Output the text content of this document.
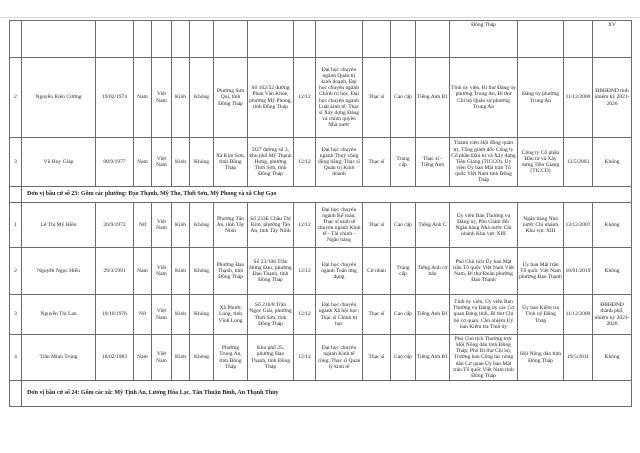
														Đồng Tháp			XV
2	Nguyễn Kiên Cường	19/02/1974	Nam	Việt Nam	Kinh	Không	Phường Sơn Qui, tỉnh Đồng Tháp	Số 162/32 đường Phan Văn Khỏe, phường Mỹ Phong, tỉnh Đồng Tháp	12/12	Đại học chuyên ngành Quản trị kinh doanh, Đại học chuyên ngành Chính trị học, Đại học chuyên ngành Luật kinh tế; Thạc sĩ Xây dựng Đảng và chính quyền Nhà nước	Thạc sĩ	Cao cấp	Tiếng Anh B1	Tỉnh ủy viên, Bí thư Đảng ủy phường Trung An, Bí thư Chi bộ Quân sự phường Trung An	Đảng ủy phường Trung An	11/12/2000	ĐBHĐND tỉnh nhiệm kỳ 2021-2026
3	Vũ Huy Giáp	08/9/1977	Nam	Việt Nam	Kinh	Không	Xã Kim Sơn, tỉnh Đồng Tháp	D27 đường số 3, khu phố Mỹ Thạnh Hưng, phường Thới Sơn, tỉnh Đồng Tháp	12/12	Đại học chuyên ngành Thuỷ công đồng bằng; Thạc sĩ Quản trị Kinh doanh	Thạc sĩ	Trung cấp	Thạc sĩ - Tiếng Anh	Thành viên Hội đồng quản trị, Tổng giám đốc Công ty Cổ phần Đầu tư và Xây dựng Tiền Giang (TICCO), Ủy viên Ủy ban Mặt trận Tổ quốc Việt Nam tỉnh Đồng Tháp	Công ty Cổ phần Đầu tư và Xây dựng Tiền Giang (TICCO)	13/5/2003	Không
	Đơn vị bầu cử số 23: Gồm các phường: Đạo Thạnh, Mỹ Tho, Thới Sơn, Mỹ Phong và xã Chợ Gạo																
1	Lê Thị Mỹ Hiền	26/9/1972	Nữ	Việt Nam	Kinh	Không	Phường Tân An, tỉnh Tây Ninh	Số 233E Châu Thị Kim, phường Tân An, tỉnh Tây Ninh	12/12	Đại học chuyên ngành Kế toán; Thạc sĩ kinh tế chuyên ngành Kinh tế - Tài chính - Ngân hàng	Thạc sĩ	Cao cấp	Tiếng Anh C	Ủy viên Ban Thường vụ Đảng ủy, Phó Giám đốc Ngân hàng Nhà nước Chi nhánh Khu vực XIII	Ngân hàng Nhà nước Chi nhánh Khu vực XIII	13/12/2007	Không
2	Nguyễn Ngọc Hiếu	29/3/1991	Nam	Việt Nam	Kinh	Không	Phường Đạo Thạnh, tỉnh Đồng Tháp	Số 23/106 Trần Hưng Đạo, phường Đạo Thạnh, tỉnh Đồng Tháp	12/12	Đại học chuyên ngành Toán ứng dụng	Cử nhân	Trung cấp	Tiếng Anh cơ bản	Phó Chủ tịch Ủy ban Mặt trận Tổ quốc Việt Nam Việt Nam, Bí thư Đoàn phường Đạo Thạnh	Ủy ban Mặt trận Tổ quốc Việt Nam phường Đạo Thạnh	10/01/2019	Không
3	Nguyễn Thị Lan	10/10/1976	Nữ	Việt Nam	Kinh	Không	Xã Phước Long, tỉnh Vĩnh Long	Số 216/8 Trần Ngọc Giải, phường Thới Sơn, tỉnh Đồng Tháp	12/12	Đại học chuyên ngành Xã hội học; Thạc sĩ Chính trị học	Thạc sĩ	Cao cấp	Tiếng Anh B1	Tỉnh ủy viên, Ủy viên Ban Thường vụ Đảng ủy các Cơ quan Đảng tỉnh, Bí thư Chi bộ cơ quan, Chủ nhiệm Uỷ ban Kiểm tra Tỉnh ủy	Ủy ban Kiểm tra Tỉnh uỷ Đồng Tháp	11/12/2000	ĐBHĐND thành phố, nhiệm kỳ 2021-2026
4	Trần Minh Trung	18/02/1983	Nam	Việt Nam	Kinh	Không	Phường Trung An, tỉnh Đồng Tháp	Khu phố 25, phường Đạo Thạnh, tỉnh Đồng Tháp	12/12	Đại học chuyên ngành Kinh tế công; Thạc sĩ Quản lý kinh tế	Thạc sĩ	Cao cấp	Tiếng Anh B1	Phó Chủ tịch Thường trực Hội Nông dân tỉnh Đồng Tháp; Phó Bí thư Chi bộ, Trưởng ban Công tác nông dân Cơ quan Ủy ban Mặt trận Tổ quốc Việt Nam tỉnh Đồng Tháp	Hội Nông dân tỉnh Đồng Tháp	19/5/2011	Không
	Đơn vị bầu cử số 24: Gồm các xã: Mỹ Tịnh An, Lương Hòa Lạc, Tân Thuận Bình, An Thạnh Thủy																
